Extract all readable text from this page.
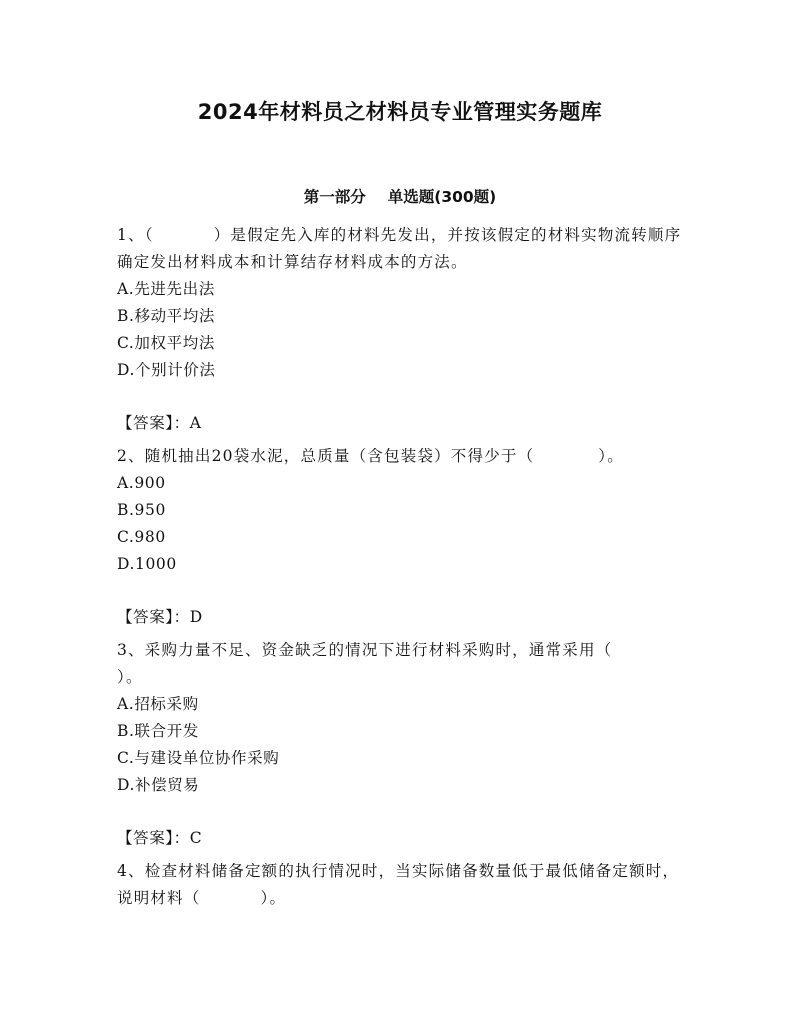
2024年材料员之材料员专业管理实务题库
第一部分 单选题(300题)

1、（	）是假定先入库的材料先发出，并按该假定的材料实物流转顺序确定发出材料成本和计算结存材料成本的方法。

A.先进先出法

B.移动平均法

C.加权平均法

D.个别计价法

【答案】：A

2、随机抽出20袋水泥，总质量（含包装袋）不得少于（	）。

A.900

B.950

C.980

D.1000

【答案】：D

3、采购力量不足、资金缺乏的情况下进行材料采购时，通常采用（）。

A.招标采购

B.联合开发

C.与建设单位协作采购

D.补偿贸易

【答案】：C

4、检查材料储备定额的执行情况时，当实际储备数量低于最低储备定额时，说明材料（	）。
